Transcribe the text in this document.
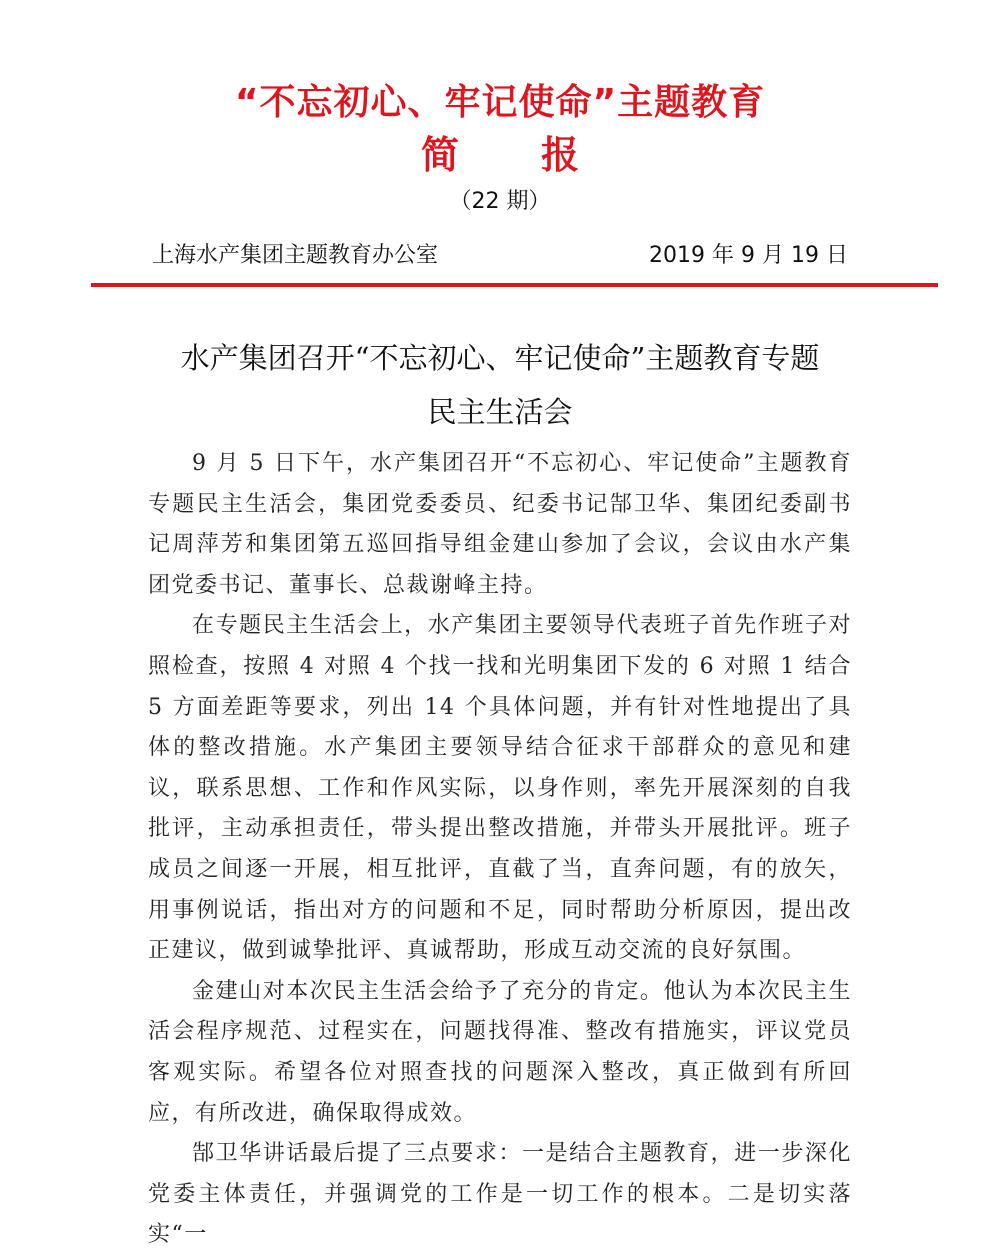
“不忘初心、牢记使命”主题教育
简 报
（22 期）
上海水产集团主题教育办公室	2019 年 9 月 19 日
水产集团召开“不忘初心、牢记使命”主题教育专题
民主生活会

9 月 5 日下午，水产集团召开“不忘初心、牢记使命”主题教育专题民主生活会，集团党委委员、纪委书记郜卫华、集团纪委副书记周萍芳和集团第五巡回指导组金建山参加了会议，会议由水产集团党委书记、董事长、总裁谢峰主持。

在专题民主生活会上，水产集团主要领导代表班子首先作班子对照检查，按照 4 对照 4 个找一找和光明集团下发的 6 对照 1 结合 5 方面差距等要求，列出 14 个具体问题，并有针对性地提出了具体的整改措施。水产集团主要领导结合征求干部群众的意见和建议，联系思想、工作和作风实际，以身作则，率先开展深刻的自我批评，主动承担责任，带头提出整改措施，并带头开展批评。班子成员之间逐一开展，相互批评，直截了当，直奔问题，有的放矢，用事例说话，指出对方的问题和不足，同时帮助分析原因，提出改正建议，做到诚挚批评、真诚帮助，形成互动交流的良好氛围。

金建山对本次民主生活会给予了充分的肯定。他认为本次民主生活会程序规范、过程实在，问题找得准、整改有措施实，评议党员客观实际。希望各位对照查找的问题深入整改，真正做到有所回应，有所改进，确保取得成效。

郜卫华讲话最后提了三点要求：一是结合主题教育，进一步深化党委主体责任，并强调党的工作是一切工作的根本。二是切实落实“一
